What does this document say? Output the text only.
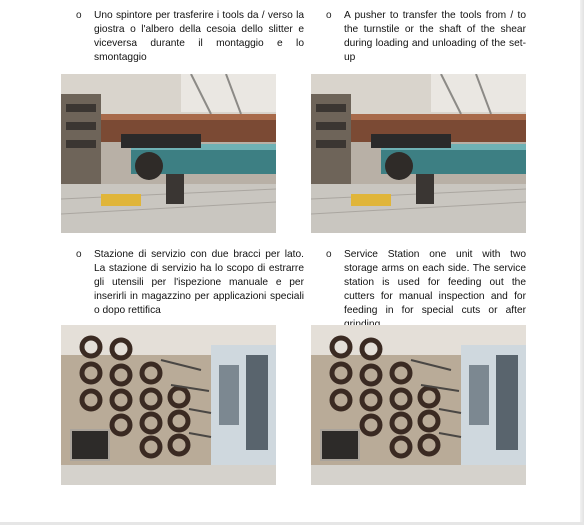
o	Uno spintore per trasferire i tools da / verso la giostra o l'albero della cesoia dello slitter e viceversa durante il montaggio e lo smontaggio

o	A pusher to transfer the tools from / to the turnstile or the shaft of the shear during loading and unloading of the set-up

o	Stazione di servizio con due bracci per lato. La stazione di servizio ha lo scopo di estrarre gli utensili per l'ispezione manuale e per inserirli in magazzino per applicazioni speciali o dopo rettifica

o	Service Station one unit with two storage arms on each side. The service station is used for feeding out the cutters for manual inspection and for feeding in for special cuts or after
